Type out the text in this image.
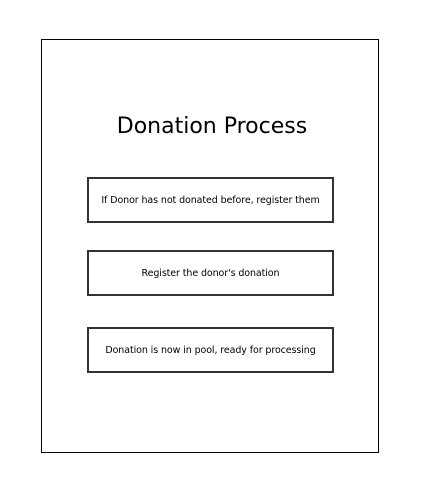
Donation Process
If Donor has not donated before, register them
Register the donor's donation
Donation is now in pool, ready for processing
